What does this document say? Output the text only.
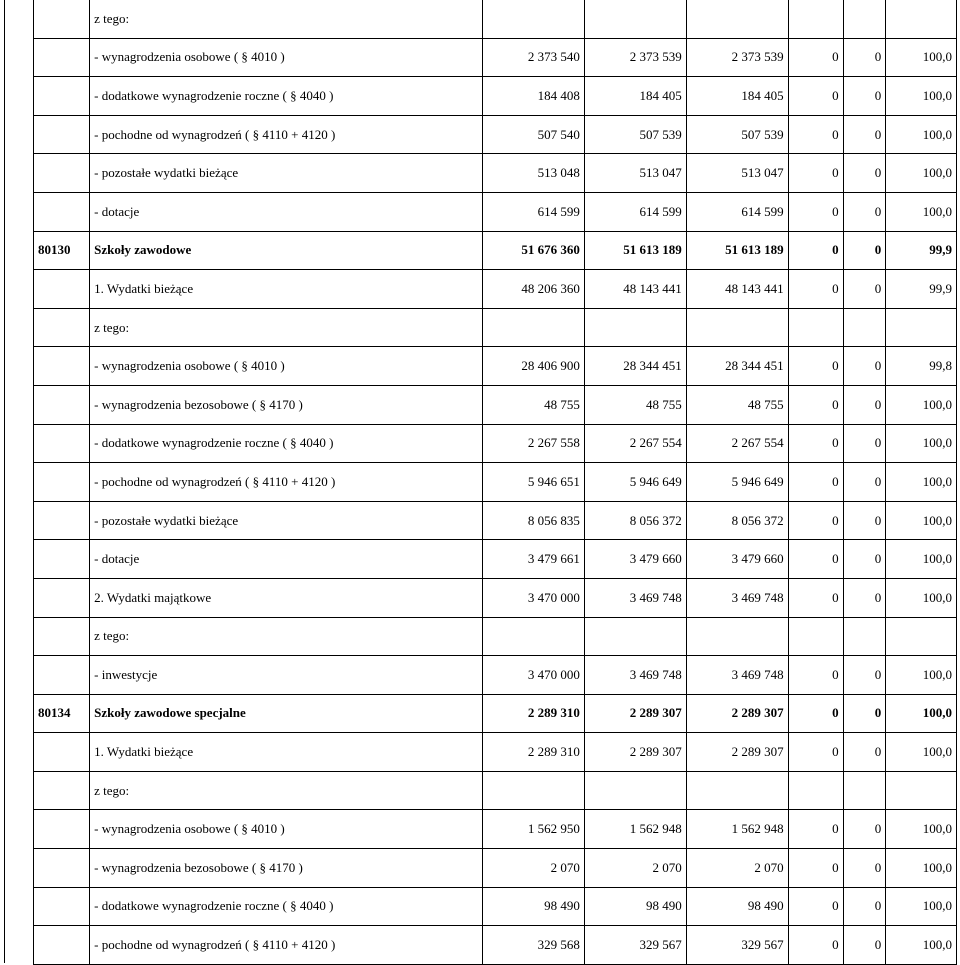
	z tego:						
	- wynagrodzenia osobowe ( § 4010 )	2 373 540	2 373 539	2 373 539	0	0	100,0
	- dodatkowe wynagrodzenie roczne ( § 4040 )	184 408	184 405	184 405	0	0	100,0
	- pochodne od wynagrodzeń ( § 4110 + 4120 )	507 540	507 539	507 539	0	0	100,0
	- pozostałe wydatki bieżące	513 048	513 047	513 047	0	0	100,0
	- dotacje	614 599	614 599	614 599	0	0	100,0
80130	Szkoły zawodowe	51 676 360	51 613 189	51 613 189	0	0	99,9
	1. Wydatki bieżące	48 206 360	48 143 441	48 143 441	0	0	99,9
	z tego:						
	- wynagrodzenia osobowe ( § 4010 )	28 406 900	28 344 451	28 344 451	0	0	99,8
	- wynagrodzenia bezosobowe ( § 4170 )	48 755	48 755	48 755	0	0	100,0
	- dodatkowe wynagrodzenie roczne ( § 4040 )	2 267 558	2 267 554	2 267 554	0	0	100,0
	- pochodne od wynagrodzeń ( § 4110 + 4120 )	5 946 651	5 946 649	5 946 649	0	0	100,0
	- pozostałe wydatki bieżące	8 056 835	8 056 372	8 056 372	0	0	100,0
	- dotacje	3 479 661	3 479 660	3 479 660	0	0	100,0
	2. Wydatki majątkowe	3 470 000	3 469 748	3 469 748	0	0	100,0
	z tego:						
	- inwestycje	3 470 000	3 469 748	3 469 748	0	0	100,0
80134	Szkoły zawodowe specjalne	2 289 310	2 289 307	2 289 307	0	0	100,0
	1. Wydatki bieżące	2 289 310	2 289 307	2 289 307	0	0	100,0
	z tego:						
	- wynagrodzenia osobowe ( § 4010 )	1 562 950	1 562 948	1 562 948	0	0	100,0
	- wynagrodzenia bezosobowe ( § 4170 )	2 070	2 070	2 070	0	0	100,0
	- dodatkowe wynagrodzenie roczne ( § 4040 )	98 490	98 490	98 490	0	0	100,0
	- pochodne od wynagrodzeń ( § 4110 + 4120 )	329 568	329 567	329 567	0	0	100,0
